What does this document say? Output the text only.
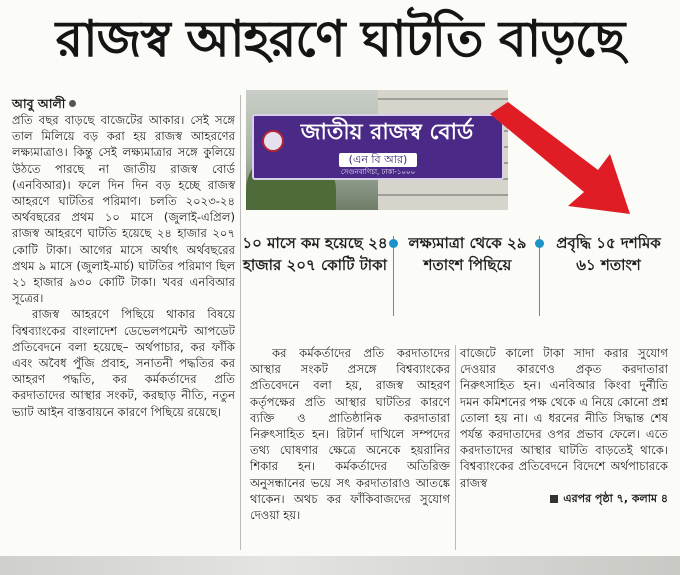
রাজস্ব আহরণে ঘাটতি বাড়ছে
আবু আলী

প্রতি বছর বাড়ছে বাজেটের আকার। সেই সঙ্গে তাল মিলিয়ে বড় করা হয় রাজস্ব আহরণের লক্ষ্যমাত্রাও। কিন্তু সেই লক্ষ্যমাত্রার সঙ্গে কুলিয়ে উঠতে পারছে না জাতীয় রাজস্ব বোর্ড (এনবিআর)। ফলে দিন দিন বড় হচ্ছে রাজস্ব আহরণে ঘাটতির পরিমাণ। চলতি ২০২৩-২৪ অর্থবছরের প্রথম ১০ মাসে (জুলাই-এপ্রিল) রাজস্ব আহরণে ঘাটতি হয়েছে ২৪ হাজার ২০৭ কোটি টাকা। আগের মাসে অর্থাৎ অর্থবছরের প্রথম ৯ মাসে (জুলাই-মার্চ) ঘাটতির পরিমাণ ছিল ২১ হাজার ৯৩০ কোটি টাকা। খবর এনবিআর সূত্রের।

রাজস্ব আহরণে পিছিয়ে থাকার বিষয়ে বিশ্বব্যাংকের বাংলাদেশ ডেভেলপমেন্ট আপডেট প্রতিবেদনে বলা হয়েছে– অর্থপাচার, কর ফাঁকি এবং অবৈধ পুঁজি প্রবাহ, সনাতনী পদ্ধতির কর আহরণ পদ্ধতি, কর কর্মকর্তাদের প্রতি করদাতাদের আস্থার সংকট, করছাড় নীতি, নতুন ভ্যাট আইন বাস্তবায়নে কারণে পিছিয়ে রয়েছে।

জাতীয় রাজস্ব বোর্ড
(এন বি আর)
সেগুনবাগিচা, ঢাকা-১০০০
১০ মাসে কম হয়েছে ২৪ হাজার ২০৭ কোটি টাকা
লক্ষ্যমাত্রা থেকে ২৯ শতাংশ পিছিয়ে
প্রবৃদ্ধি ১৫ দশমিক ৬১ শতাংশ

কর কর্মকর্তাদের প্রতি করদাতাদের আস্থার সংকট প্রসঙ্গে বিশ্বব্যাংকের প্রতিবেদনে বলা হয়, রাজস্ব আহরণ কর্তৃপক্ষের প্রতি আস্থার ঘাটতির কারণে ব্যক্তি ও প্রাতিষ্ঠানিক করদাতারা নিরুৎসাহিত হন। রিটার্ন দাখিলে সম্পদের তথ্য ঘোষণার ক্ষেত্রে অনেকে হয়রানির শিকার হন। কর্মকর্তাদের অতিরিক্ত অনুসন্ধানের ভয়ে সৎ করদাতারাও আতঙ্কে থাকেন। অথচ কর ফাঁকিবাজদের সুযোগ দেওয়া হয়।

বাজেটে কালো টাকা সাদা করার সুযোগ দেওয়ার কারণেও প্রকৃত করদাতারা নিরুৎসাহিত হন। এনবিআর কিংবা দুর্নীতি দমন কমিশনের পক্ষ থেকে এ নিয়ে কোনো প্রশ্ন তোলা হয় না। এ ধরনের নীতি সিদ্ধান্ত শেষ পর্যন্ত করদাতাদের ওপর প্রভাব ফেলে। এতে করদাতাদের আস্থার ঘাটতি বাড়তেই থাকে। বিশ্বব্যাংকের প্রতিবেদনে বিদেশে অর্থপাচারকে রাজস্ব

এরপর পৃষ্ঠা ৭, কলাম ৪
